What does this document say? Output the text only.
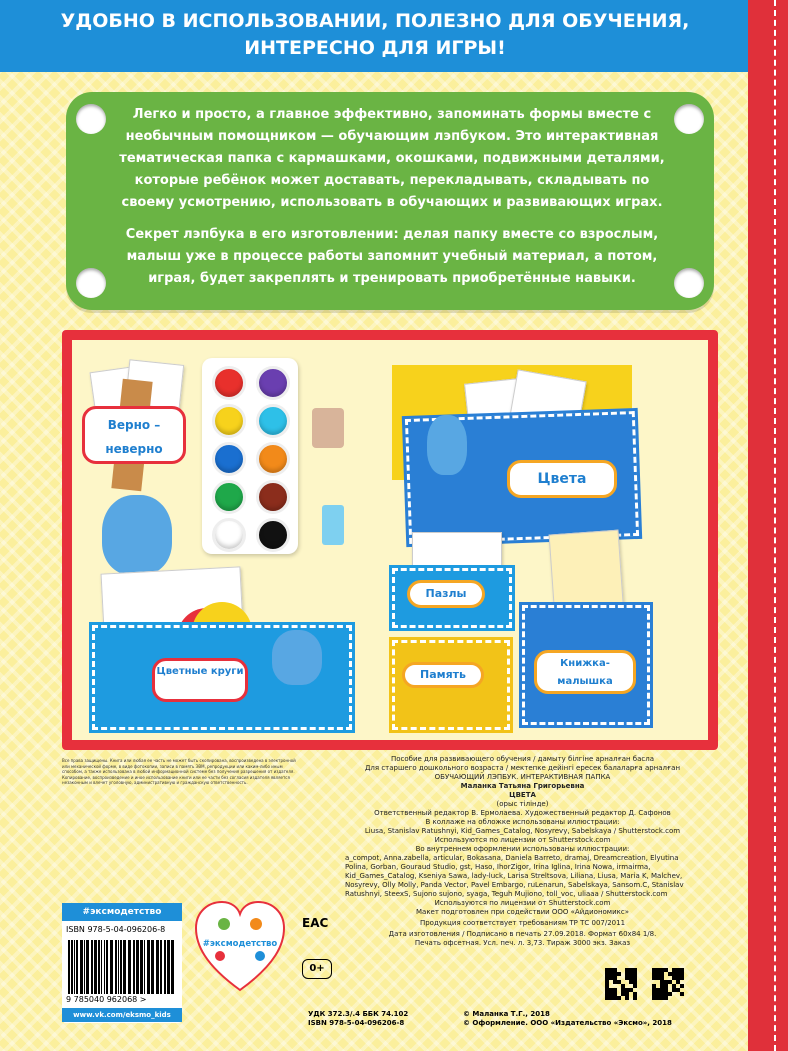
УДОБНО В ИСПОЛЬЗОВАНИИ, ПОЛЕЗНО ДЛЯ ОБУЧЕНИЯ,
ИНТЕРЕСНО ДЛЯ ИГРЫ!

Легко и просто, а главное эффективно, запоминать формы вместе с необычным помощником — обучающим лэпбуком. Это интерактивная тематическая папка с кармашками, окошками, подвижными деталями, которые ребёнок может доставать, перекладывать, складывать по своему усмотрению, использовать в обучающих и развивающих играх.

Секрет лэпбука в его изготовлении: делая папку вместе со взрослым, малыш уже в процессе работы запомнит учебный материал, а потом, играя, будет закреплять и тренировать приобретённые навыки.

Верно – неверно
Цвета
Пазлы
Память
Книжка-малышка
Цветные круги
Все права защищены. Книга или любая ее часть не может быть скопирована, воспроизведена в электронной или механической форме, в виде фотокопии, записи в память ЭВМ, репродукции или каким-либо иным способом, а также использована в любой информационной системе без получения разрешения от издателя. Копирование, воспроизведение и иное использование книги или ее части без согласия издателя является незаконным и влечет уголовную, административную и гражданскую ответственность.
Пособие для развивающего обучения / дамыту білгіне арналған басла
Для старшего дошкольного возраста / мектепке дейінгі ересек балаларға арналған
ОБУЧАЮЩИЙ ЛЭПБУК. ИНТЕРАКТИВНАЯ ПАПКА
Маланка Татьяна Григорьевна
ЦВЕТА
(орыс тілінде)
Ответственный редактор В. Ермолаева. Художественный редактор Д. Сафонов
В коллаже на обложке использованы иллюстрации:
Liusa, Stanislav Ratushnyi, Kid_Games_Catalog, Nosyrevy, Sabelskaya / Shutterstock.com
Используются по лицензии от Shutterstock.com
Во внутреннем оформлении использованы иллюстрации:
a_compot, Anna.zabella, articular, Bokasana, Daniela Barreto, dramaj, Dreamcreation, Elyutina Polina, Gorban, Gouraud Studio, gst, Haso, IhorZigor, Irina Iglina, Irina Nowa, irmairma, Kid_Games_Catalog, Kseniya Sawa, lady-luck, Larisa Streltsova, Liliana, Liusa, Maria K, Malchev, Nosyrevy, Olly Molly, Panda Vector, Pavel Embargo, ruLenarun, Sabelskaya, Sansom.C, Stanislav Ratushnyi, SteexS, Sujono sujono, syaga, Teguh Mujiono, toll_voc, uliaaa / Shutterstock.com
Используются по лицензии от Shutterstock.com
Макет подготовлен при содействии ООО «Айдиономикс»
Продукция соответствует требованиям ТР ТС 007/2011
Дата изготовления / Подписано в печать 27.09.2018. Формат 60x84 1/8.
Печать офсетная. Усл. печ. л. 3,73. Тираж 3000 экз. Заказ
#эксмодетство
ISBN 978-5-04-096206-8
9 785040 962068 >
www.vk.com/eksmo_kids
#эксмодетство
EAC
0+
УДК 372.3/.4 ББК 74.102
ISBN 978-5-04-096206-8
© Маланка Т.Г., 2018
© Оформление. ООО «Издательство «Эксмо», 2018
